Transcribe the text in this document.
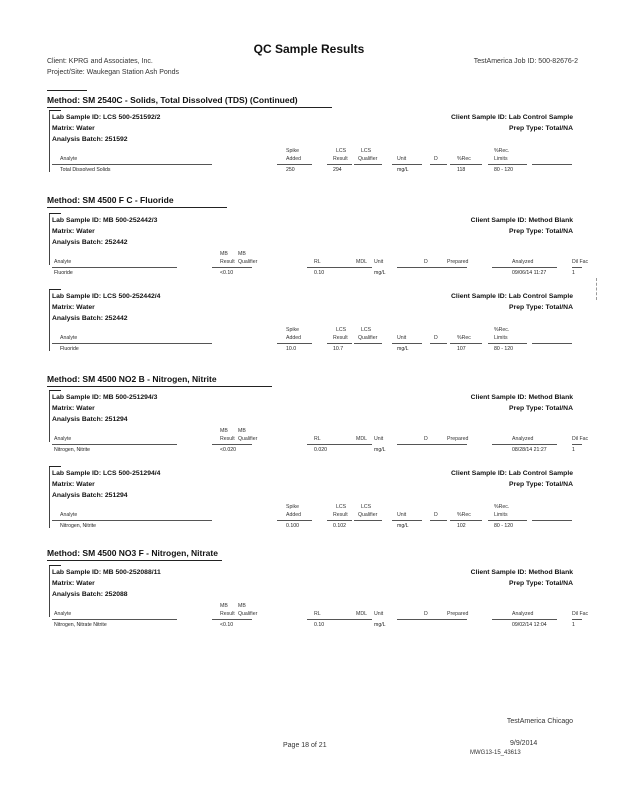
QC Sample Results
Client: KPRG and Associates, Inc.
Project/Site: Waukegan Station Ash Ponds
TestAmerica Job ID: 500-82676-2
Method: SM 2540C - Solids, Total Dissolved (TDS) (Continued)
Lab Sample ID: LCS 500-251592/2
Matrix: Water
Analysis Batch: 251592
Client Sample ID: Lab Control Sample
Prep Type: Total/NA
Spike	LCS	LCS	%Rec.
Analyte	Added	Result Qualifier	Unit	D	%Rec	Limits
Total Dissolved Solids	250	294	mg/L	118	80 - 120
Method: SM 4500 F C - Fluoride
Lab Sample ID: MB 500-252442/3
Matrix: Water
Analysis Batch: 252442
Client Sample ID: Method Blank
Prep Type: Total/NA
MB MB
Analyte	Result Qualifier	RL	MDL Unit	D	Prepared	Analyzed	Dil Fac
Fluoride	<0.10	0.10	mg/L	09/06/14 11:27	1
Lab Sample ID: LCS 500-252442/4
Matrix: Water
Analysis Batch: 252442
Client Sample ID: Lab Control Sample
Prep Type: Total/NA
Spike	LCS	LCS	%Rec.
Analyte	Added	Result Qualifier	Unit	D	%Rec	Limits
Fluoride	10.0	10.7	mg/L	107	80 - 120
Method: SM 4500 NO2 B - Nitrogen, Nitrite
Lab Sample ID: MB 500-251294/3
Matrix: Water
Analysis Batch: 251294
Client Sample ID: Method Blank
Prep Type: Total/NA
MB MB
Analyte	Result Qualifier	RL	MDL Unit	D	Prepared	Analyzed	Dil Fac
Nitrogen, Nitrite	<0.020	0.020	mg/L	08/28/14 21:27	1
Lab Sample ID: LCS 500-251294/4
Matrix: Water
Analysis Batch: 251294
Client Sample ID: Lab Control Sample
Prep Type: Total/NA
Spike	LCS	LCS	%Rec.
Analyte	Added	Result Qualifier	Unit	D	%Rec	Limits
Nitrogen, Nitrite	0.100	0.102	mg/L	102	80 - 120
Method: SM 4500 NO3 F - Nitrogen, Nitrate
Lab Sample ID: MB 500-252088/11
Matrix: Water
Analysis Batch: 252088
Client Sample ID: Method Blank
Prep Type: Total/NA
MB MB
Analyte	Result Qualifier	RL	MDL Unit	D	Prepared	Analyzed	Dil Fac
Nitrogen, Nitrate Nitrite	<0.10	0.10	mg/L	09/02/14 12:04	1
TestAmerica Chicago
Page 18 of 21	9/9/2014
MWG13-15_43613
